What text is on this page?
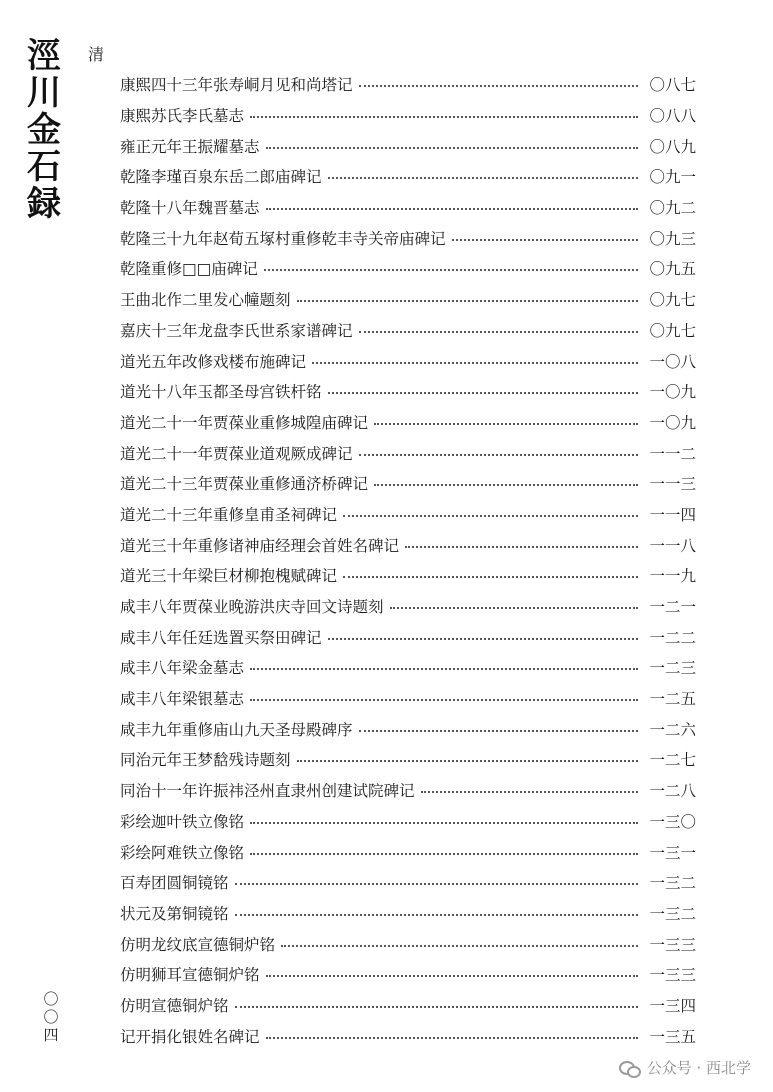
涇
川
金
石
録
清
康熙四十三年张寿峒月见和尚塔记	〇八七
康熙苏氏李氏墓志	〇八八
雍正元年王振耀墓志	〇八九
乾隆李瑾百泉东岳二郎庙碑记	〇九一
乾隆十八年魏晋墓志	〇九二
乾隆三十九年赵荀五塚村重修乾丰寺关帝庙碑记	〇九三
乾隆重修□□庙碑记	〇九五
王曲北作二里发心幢题刻	〇九七
嘉庆十三年龙盘李氏世系家谱碑记	〇九七
道光五年改修戏楼布施碑记	一〇八
道光十八年玉都圣母宫铁杆铭	一〇九
道光二十一年贾葆业重修城隍庙碑记	一〇九
道光二十一年贾葆业道观厥成碑记	一一二
道光二十三年贾葆业重修通济桥碑记	一一三
道光二十三年重修皇甫圣祠碑记	一一四
道光三十年重修诸神庙经理会首姓名碑记	一一八
道光三十年梁巨材柳抱槐赋碑记	一一九
咸丰八年贾葆业晚游洪庆寺回文诗题刻	一二一
咸丰八年任廷选置买祭田碑记	一二二
咸丰八年梁金墓志	一二三
咸丰八年梁银墓志	一二五
咸丰九年重修庙山九天圣母殿碑序	一二六
同治元年王梦馠残诗题刻	一二七
同治十一年许振祎泾州直隶州创建试院碑记	一二八
彩绘迦叶铁立像铭	一三〇
彩绘阿难铁立像铭	一三一
百寿团圆铜镜铭	一三二
状元及第铜镜铭	一三二
仿明龙纹底宣德铜炉铭	一三三
仿明狮耳宣德铜炉铭	一三三
仿明宣德铜炉铭	一三四
记开捐化银姓名碑记	一三五
〇
〇
四
公众号 · 西北学
